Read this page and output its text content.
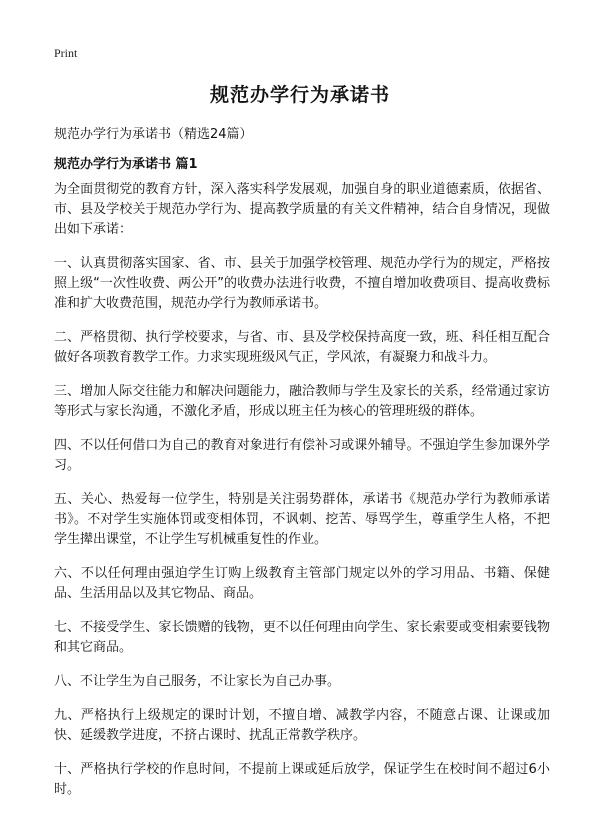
Print
规范办学行为承诺书

规范办学行为承诺书（精选24篇）

规范办学行为承诺书 篇1

为全面贯彻党的教育方针，深入落实科学发展观，加强自身的职业道德素质，依据省、市、县及学校关于规范办学行为、提高教学质量的有关文件精神，结合自身情况，现做出如下承诺：

一、认真贯彻落实国家、省、市、县关于加强学校管理、规范办学行为的规定，严格按照上级“一次性收费、两公开”的收费办法进行收费，不擅自增加收费项目、提高收费标准和扩大收费范围，规范办学行为教师承诺书。

二、严格贯彻、执行学校要求，与省、市、县及学校保持高度一致，班、科任相互配合做好各项教育教学工作。力求实现班级风气正，学风浓，有凝聚力和战斗力。

三、增加人际交往能力和解决问题能力，融洽教师与学生及家长的关系，经常通过家访等形式与家长沟通，不激化矛盾，形成以班主任为核心的管理班级的群体。

四、不以任何借口为自己的教育对象进行有偿补习或课外辅导。不强迫学生参加课外学习。

五、关心、热爱每一位学生，特别是关注弱势群体，承诺书《规范办学行为教师承诺书》。不对学生实施体罚或变相体罚，不讽刺、挖苦、辱骂学生，尊重学生人格，不把学生撵出课堂，不让学生写机械重复性的作业。

六、不以任何理由强迫学生订购上级教育主管部门规定以外的学习用品、书籍、保健品、生活用品以及其它物品、商品。

七、不接受学生、家长馈赠的钱物，更不以任何理由向学生、家长索要或变相索要钱物和其它商品。

八、不让学生为自己服务，不让家长为自己办事。

九、严格执行上级规定的课时计划，不擅自增、减教学内容，不随意占课、让课或加快、延缓教学进度，不挤占课时、扰乱正常教学秩序。

十、严格执行学校的作息时间，不提前上课或延后放学，保证学生在校时间不超过6小时。
